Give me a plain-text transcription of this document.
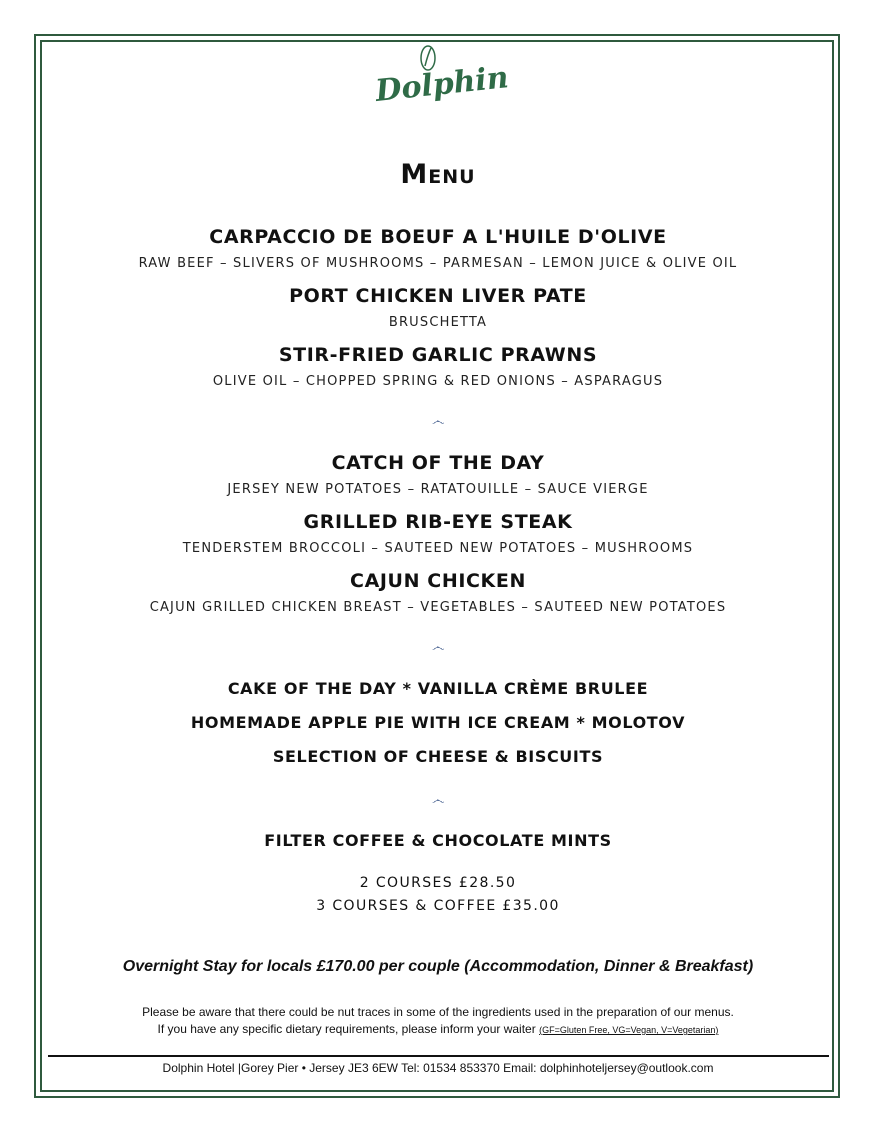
Dolphin
Menu
CARPACCIO DE BOEUF A L'HUILE D'OLIVE
RAW BEEF – SLIVERS OF MUSHROOMS – PARMESAN – LEMON JUICE & OLIVE OIL
PORT CHICKEN LIVER PATE
BRUSCHETTA
STIR-FRIED GARLIC PRAWNS
OLIVE OIL – CHOPPED SPRING & RED ONIONS – ASPARAGUS
෴
CATCH OF THE DAY
JERSEY NEW POTATOES – RATATOUILLE – SAUCE VIERGE
GRILLED RIB-EYE STEAK
TENDERSTEM BROCCOLI – SAUTEED NEW POTATOES – MUSHROOMS
CAJUN CHICKEN
CAJUN GRILLED CHICKEN BREAST – VEGETABLES – SAUTEED NEW POTATOES
෴
CAKE OF THE DAY * VANILLA CRÈME BRULEE
HOMEMADE APPLE PIE WITH ICE CREAM * MOLOTOV
SELECTION OF CHEESE & BISCUITS
෴
FILTER COFFEE & CHOCOLATE MINTS
2 COURSES £28.50
3 COURSES & COFFEE £35.00
Overnight Stay for locals £170.00 per couple (Accommodation, Dinner & Breakfast)
Please be aware that there could be nut traces in some of the ingredients used in the preparation of our menus.
If you have any specific dietary requirements, please inform your waiter (GF=Gluten Free, VG=Vegan, V=Vegetarian)
Dolphin Hotel |Gorey Pier • Jersey JE3 6EW Tel: 01534 853370 Email: dolphinhoteljersey@outlook.com
